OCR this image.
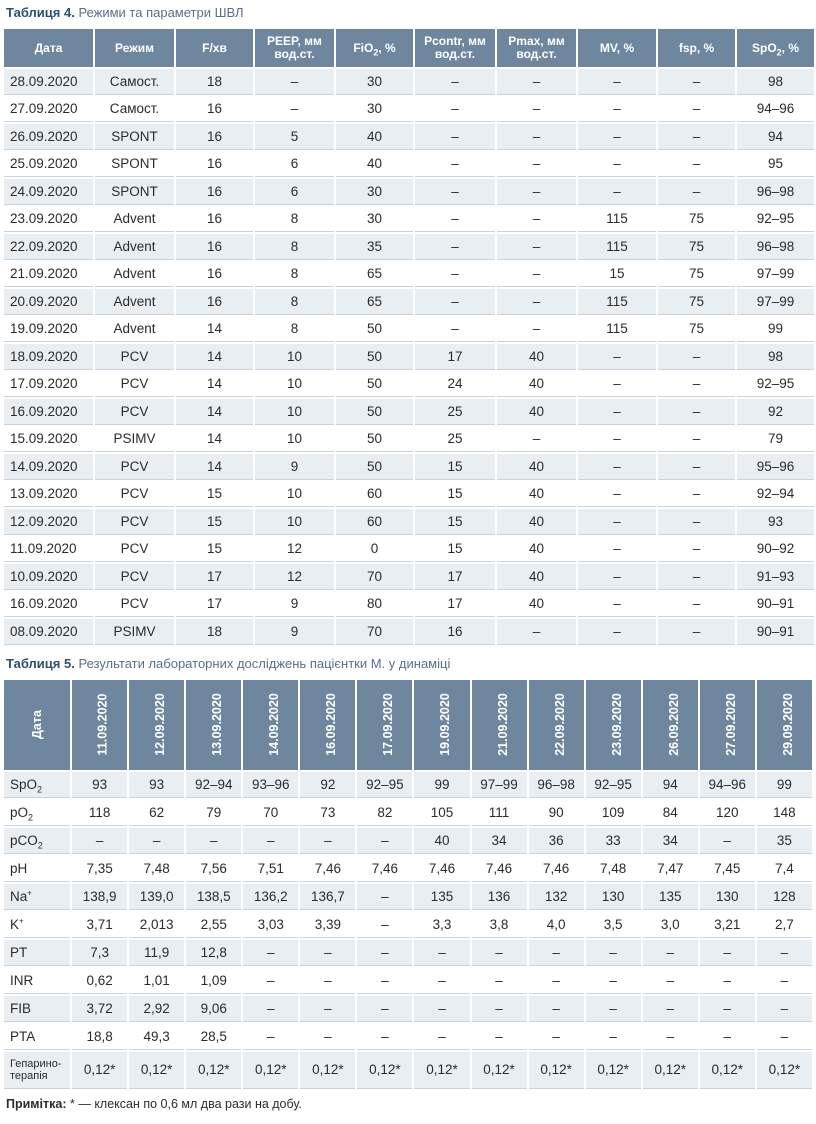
Таблиця 4. Режими та параметри ШВЛ
Дата	Режим	F/хв	PEEP, мм вод.ст.	FiO$_2$, %	Pcontr, мм вод.ст.	Pmax, мм вод.ст.	MV, %	fsp, %	SpO$_2$, %
28.09.2020	Самост.	18	–	30	–	–	–	–	98
27.09.2020	Самост.	16	–	30	–	–	–	–	94–96
26.09.2020	SPONT	16	5	40	–	–	–	–	94
25.09.2020	SPONT	16	6	40	–	–	–	–	95
24.09.2020	SPONT	16	6	30	–	–	–	–	96–98
23.09.2020	Advent	16	8	30	–	–	115	75	92–95
22.09.2020	Advent	16	8	35	–	–	115	75	96–98
21.09.2020	Advent	16	8	65	–	–	15	75	97–99
20.09.2020	Advent	16	8	65	–	–	115	75	97–99
19.09.2020	Advent	14	8	50	–	–	115	75	99
18.09.2020	PCV	14	10	50	17	40	–	–	98
17.09.2020	PCV	14	10	50	24	40	–	–	92–95
16.09.2020	PCV	14	10	50	25	40	–	–	92
15.09.2020	PSIMV	14	10	50	25	–	–	–	79
14.09.2020	PCV	14	9	50	15	40	–	–	95–96
13.09.2020	PCV	15	10	60	15	40	–	–	92–94
12.09.2020	PCV	15	10	60	15	40	–	–	93
11.09.2020	PCV	15	12	0	15	40	–	–	90–92
10.09.2020	PCV	17	12	70	17	40	–	–	91–93
16.09.2020	PCV	17	9	80	17	40	–	–	90–91
08.09.2020	PSIMV	18	9	70	16	–	–	–	90–91
Таблиця 5. Результати лабораторних досліджень пацієнтки М. у динаміці
Дата	11.09.2020	12.09.2020	13.09.2020	14.09.2020	16.09.2020	17.09.2020	19.09.2020	21.09.2020	22.09.2020	23.09.2020	26.09.2020	27.09.2020	29.09.2020
SpO$_2$	93	93	92–94	93–96	92	92–95	99	97–99	96–98	92–95	94	94–96	99
$pO_2$	118	62	79	70	73	82	105	111	90	109	84	120	148
pCO$_2$	–	–	–	–	–	–	40	34	36	33	34	–	35
pH	7,35	7,48	7,56	7,51	7,46	7,46	7,46	7,46	7,46	7,48	7,47	7,45	7,4
Na+	138,9	139,0	138,5	136,2	136,7	–	135	136	132	130	135	130	128
K+	3,71	2,013	2,55	3,03	3,39	–	3,3	3,8	4,0	3,5	3,0	3,21	2,7
PT	7,3	11,9	12,8	–	–	–	–	–	–	–	–	–	–
INR	0,62	1,01	1,09	–	–	–	–	–	–	–	–	–	–
FIB	3,72	2,92	9,06	–	–	–	–	–	–	–	–	–	–
PTA	18,8	49,3	28,5	–	–	–	–	–	–	–	–	–	–
Гепарино-терапія	0,12*	0,12*	0,12*	0,12*	0,12*	0,12*	0,12*	0,12*	0,12*	0,12*	0,12*	0,12*	0,12*
Примітка: * — клексан по 0,6 мл два рази на добу.
